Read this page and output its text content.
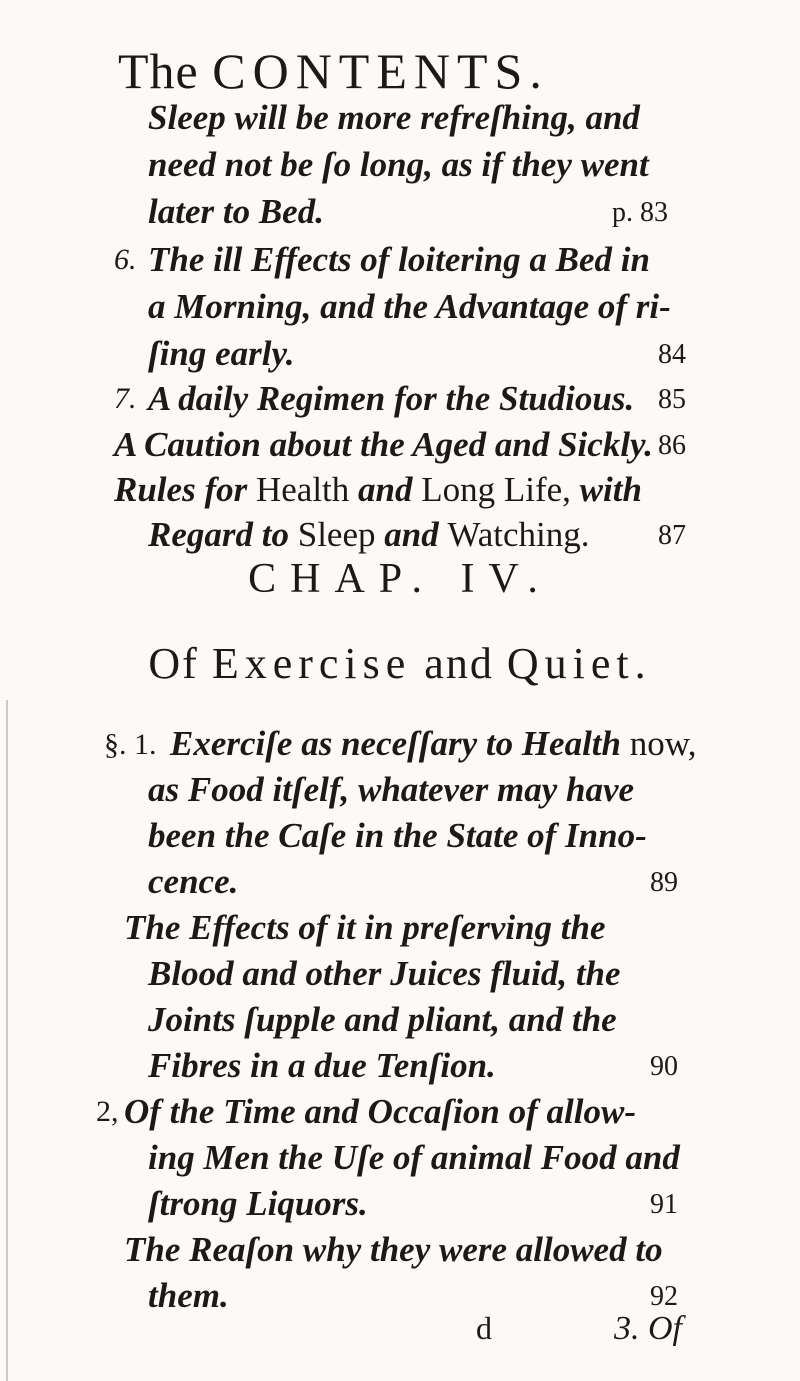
The CONTENTS.
Sleep will be more refreſhing, and
need not be ſo long, as if they went
later to Bed.	p. 83
6. The ill Effects of loitering a Bed in
a Morning, and the Advantage of ri-
ſing early.	84
7. A daily Regimen for the Studious. 85
A Caution about the Aged and Sickly. 86
Rules for Health and Long Life, with
Regard to Sleep and Watching. 87
CHAP. IV.
Of Exercise and Quiet.
§. 1. Exerciſe as neceſſary to Health now,
as Food itſelf, whatever may have
been the Caſe in the State of Inno-
cence.	89
The Effects of it in preſerving the
Blood and other Juices fluid, the
Joints ſupple and pliant, and the
Fibres in a due Tenſion.	90
2, Of the Time and Occaſion of allow-
ing Men the Uſe of animal Food and
ſtrong Liquors.	91
The Reaſon why they were allowed to
them.	92
d	3. Of
